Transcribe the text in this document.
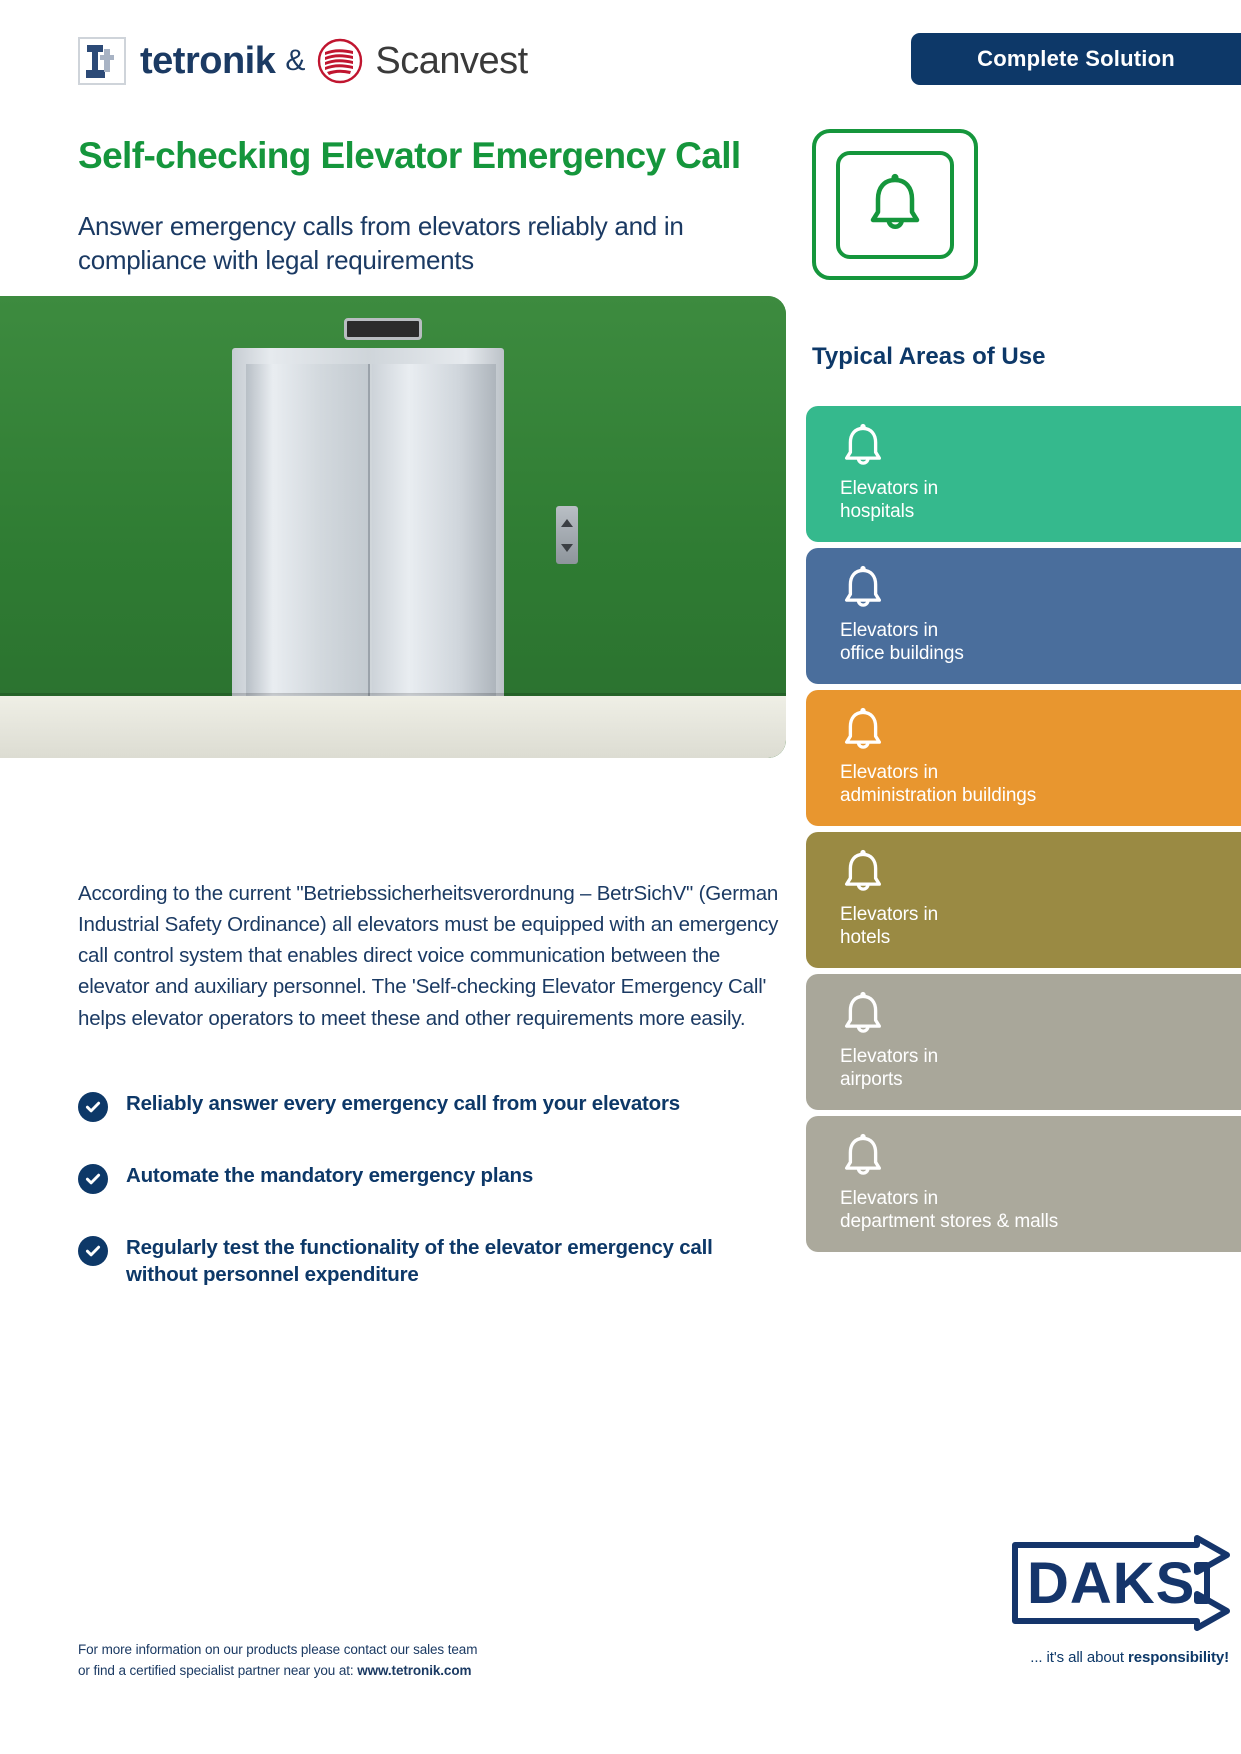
tetronik & Scanvest	Complete Solution
Self-checking Elevator Emergency Call

Answer emergency calls from elevators reliably and in compliance with legal requirements

According to the current "Betriebssicherheitsverordnung – BetrSichV" (German Industrial Safety Ordinance) all elevators must be equipped with an emergency call control system that enables direct voice communication between the elevator and auxiliary personnel. The 'Self-checking Elevator Emergency Call' helps elevator operators to meet these and other requirements more easily.

Reliably answer every emergency call from your elevators
Automate the mandatory emergency plans
Regularly test the functionality of the elevator emergency call without personnel expenditure
Typical Areas of Use
Elevators in
hospitals
Elevators in
office buildings
Elevators in
administration buildings
Elevators in
hotels
Elevators in
airports
Elevators in
department stores & malls
DAKS
... it's all about responsibility!
For more information on our products please contact our sales team
or find a certified specialist partner near you at: www.tetronik.com
